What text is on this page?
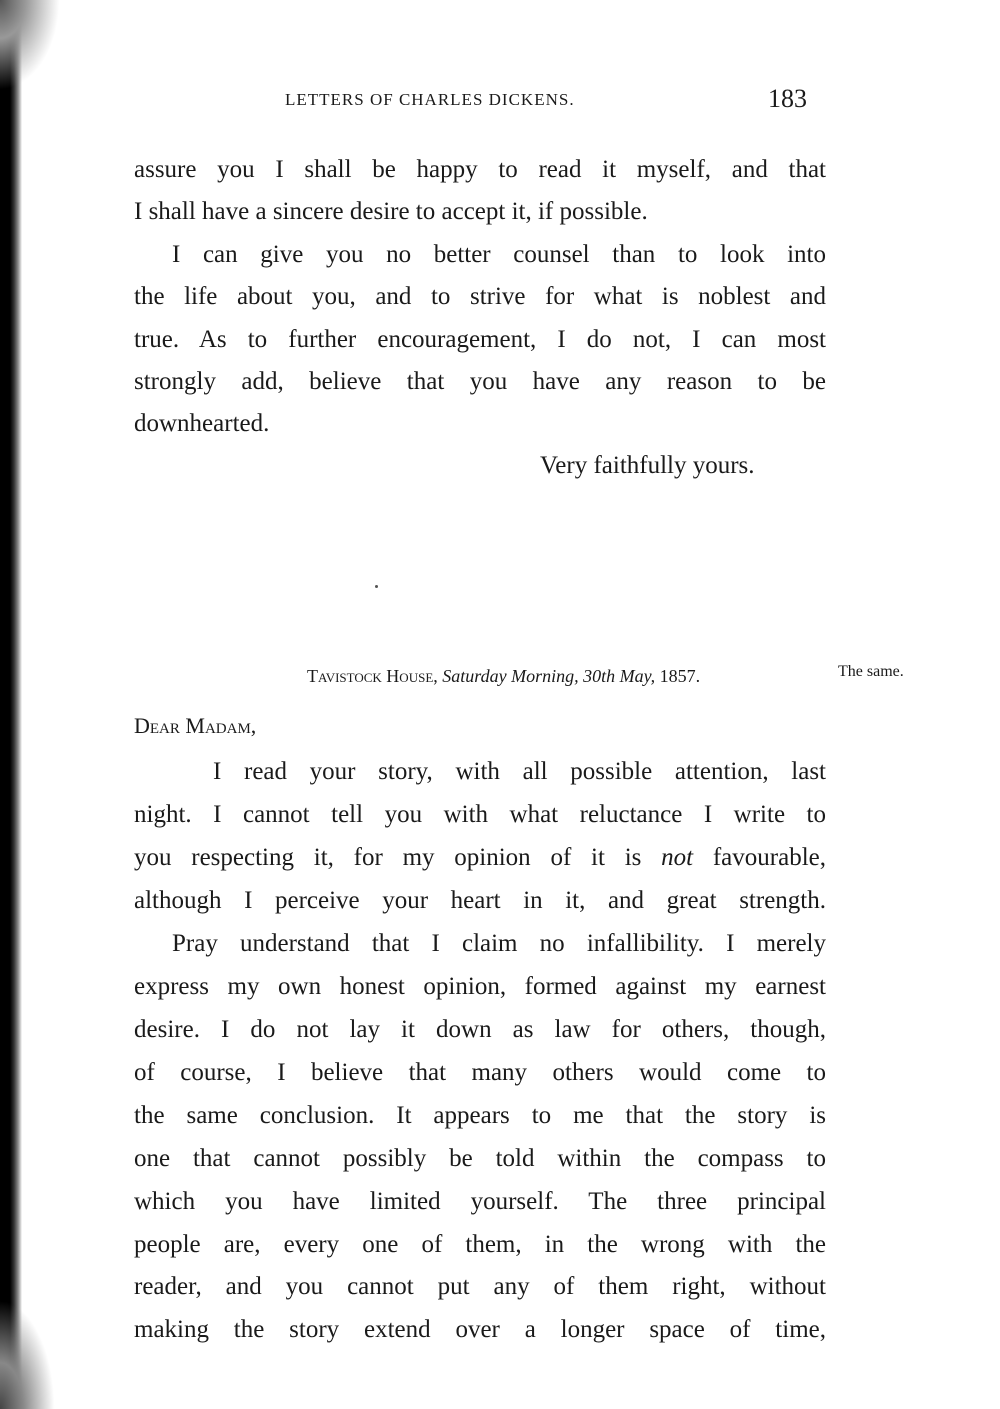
LETTERS OF CHARLES DICKENS.	183
assure you I shall be happy to read it myself, and that
I shall have a sincere desire to accept it, if possible.
I can give you no better counsel than to look into
the life about you, and to strive for what is noblest and
true. As to further encouragement, I do not, I can most
strongly add, believe that you have any reason to be
downhearted.
Very faithfully yours.
Tavistock House, Saturday Morning, 30th May, 1857.	The same.
Dear Madam,
I read your story, with all possible attention, last
night. I cannot tell you with what reluctance I write to
you respecting it, for my opinion of it is not favourable,
although I perceive your heart in it, and great strength.
Pray understand that I claim no infallibility. I merely
express my own honest opinion, formed against my earnest
desire. I do not lay it down as law for others, though,
of course, I believe that many others would come to
the same conclusion. It appears to me that the story is
one that cannot possibly be told within the compass to
which you have limited yourself. The three principal
people are, every one of them, in the wrong with the
reader, and you cannot put any of them right, without
making the story extend over a longer space of time,
